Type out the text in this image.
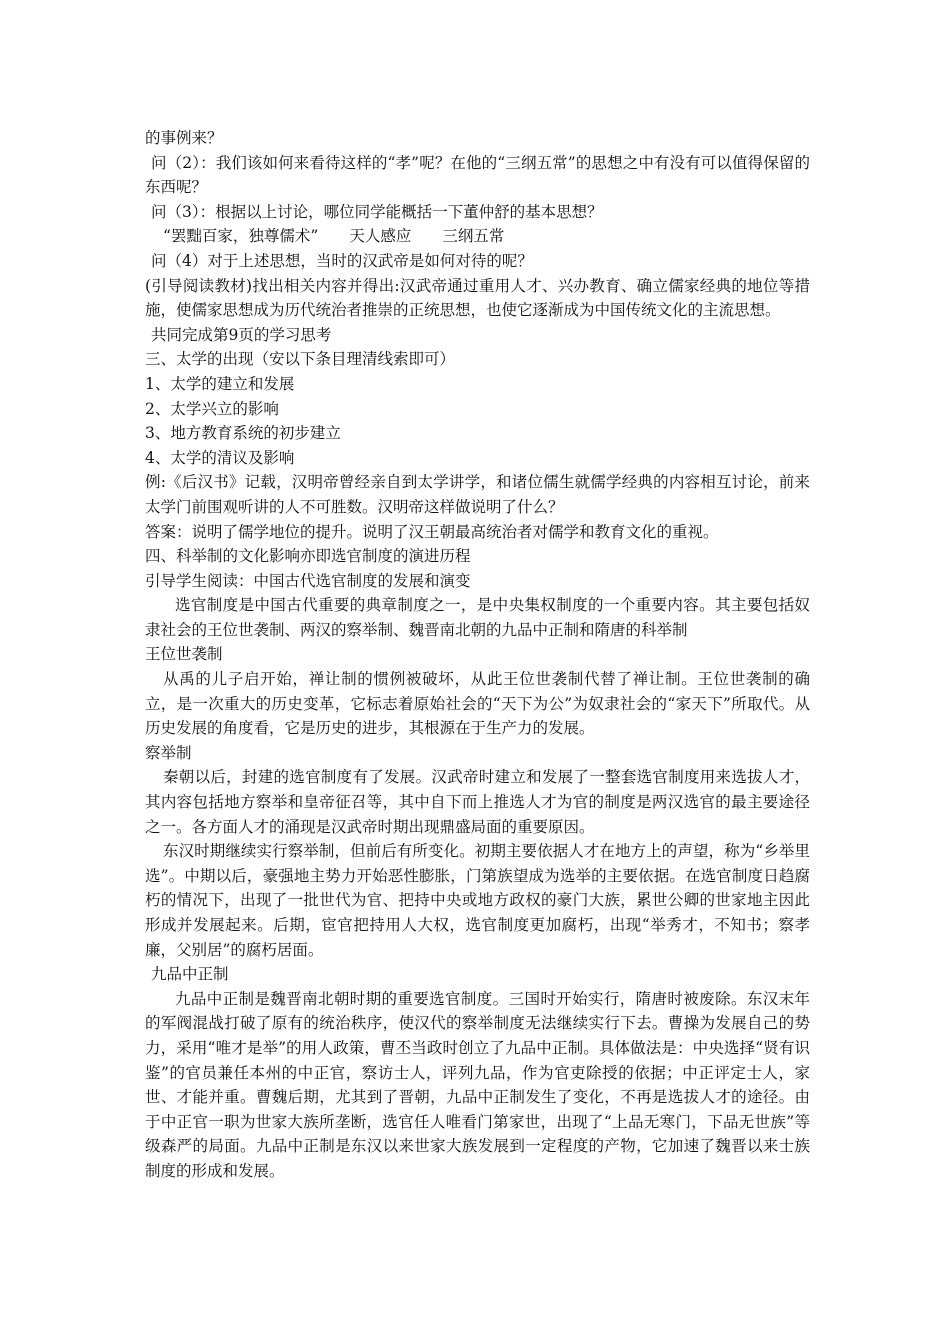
的事例来？

问（2）：我们该如何来看待这样的“孝”呢？在他的“三纲五常”的思想之中有没有可以值得保留的东西呢？

问（3）：根据以上讨论，哪位同学能概括一下董仲舒的基本思想？

“罢黜百家，独尊儒术”　　天人感应　　三纲五常

问（4）对于上述思想，当时的汉武帝是如何对待的呢？

(引导阅读教材)找出相关内容并得出:汉武帝通过重用人才、兴办教育、确立儒家经典的地位等措施，使儒家思想成为历代统治者推崇的正统思想，也使它逐渐成为中国传统文化的主流思想。

共同完成第9页的学习思考

三、太学的出现（安以下条目理清线索即可）

1、太学的建立和发展

2、太学兴立的影响

3、地方教育系统的初步建立

4、太学的清议及影响

例:《后汉书》记载，汉明帝曾经亲自到太学讲学，和诸位儒生就儒学经典的内容相互讨论，前来太学门前围观听讲的人不可胜数。汉明帝这样做说明了什么？

答案：说明了儒学地位的提升。说明了汉王朝最高统治者对儒学和教育文化的重视。

四、科举制的文化影响亦即选官制度的演进历程

引导学生阅读：中国古代选官制度的发展和演变

选官制度是中国古代重要的典章制度之一，是中央集权制度的一个重要内容。其主要包括奴隶社会的王位世袭制、两汉的察举制、魏晋南北朝的九品中正制和隋唐的科举制

王位世袭制

从禹的儿子启开始，禅让制的惯例被破坏，从此王位世袭制代替了禅让制。王位世袭制的确立，是一次重大的历史变革，它标志着原始社会的“天下为公”为奴隶社会的“家天下”所取代。从历史发展的角度看，它是历史的进步，其根源在于生产力的发展。

察举制

秦朝以后，封建的选官制度有了发展。汉武帝时建立和发展了一整套选官制度用来选拔人才，其内容包括地方察举和皇帝征召等，其中自下而上推选人才为官的制度是两汉选官的最主要途径之一。各方面人才的涌现是汉武帝时期出现鼎盛局面的重要原因。

东汉时期继续实行察举制，但前后有所变化。初期主要依据人才在地方上的声望，称为“乡举里选”。中期以后，豪强地主势力开始恶性膨胀，门第族望成为选举的主要依据。在选官制度日趋腐朽的情况下，出现了一批世代为官、把持中央或地方政权的豪门大族，累世公卿的世家地主因此形成并发展起来。后期，宦官把持用人大权，选官制度更加腐朽，出现“举秀才，不知书；察孝廉，父别居”的腐朽居面。

九品中正制

九品中正制是魏晋南北朝时期的重要选官制度。三国时开始实行，隋唐时被废除。东汉末年的军阀混战打破了原有的统治秩序，使汉代的察举制度无法继续实行下去。曹操为发展自己的势力，采用“唯才是举”的用人政策，曹丕当政时创立了九品中正制。具体做法是：中央选择“贤有识鉴”的官员兼任本州的中正官，察访士人，评列九品，作为官吏除授的依据；中正评定士人，家世、才能并重。曹魏后期，尤其到了晋朝，九品中正制发生了变化，不再是选拔人才的途径。由于中正官一职为世家大族所垄断，选官任人唯看门第家世，出现了“上品无寒门，下品无世族”等级森严的局面。九品中正制是东汉以来世家大族发展到一定程度的产物，它加速了魏晋以来士族制度的形成和发展。
